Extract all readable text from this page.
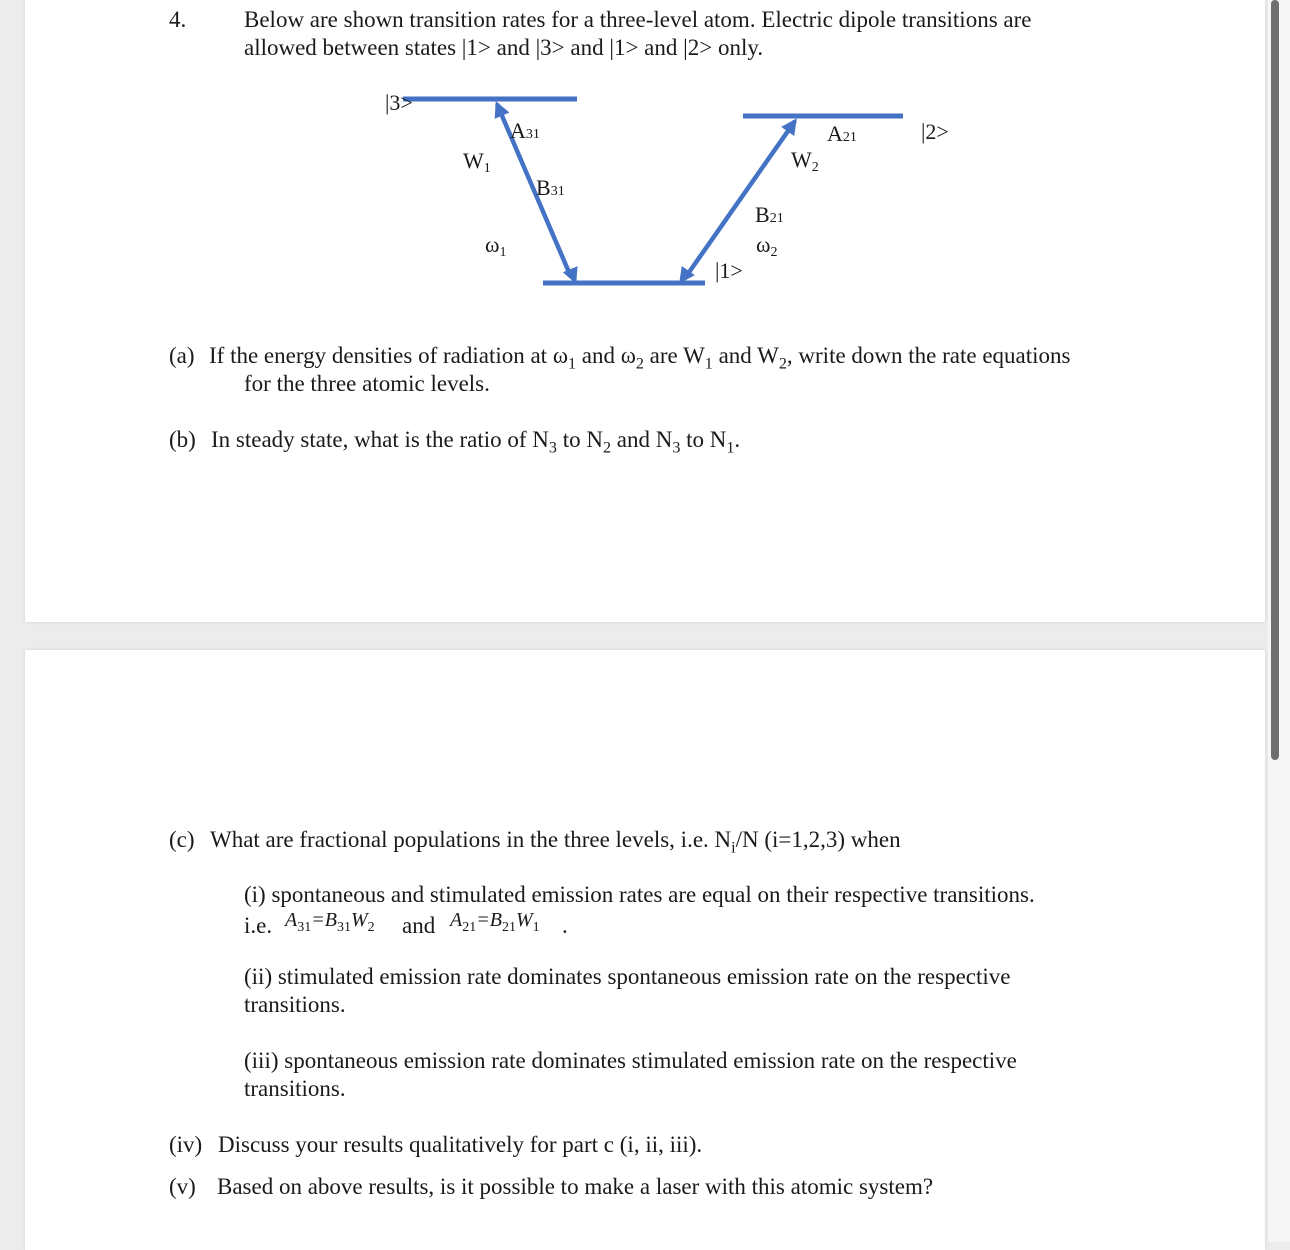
4.	Below are shown transition rates for a three-level atom. Electric dipole transitions are
allowed between states |1> and |3> and |1> and |2> only.
|3>
|2>
|1>
A31
W1
B31
ω1
A21
W2
B21
ω2
(a) If the energy densities of radiation at $\omega_1$ and $\omega_2$ are $W_1$ and $W_2$, write down the rate equations
for the three atomic levels.
(b) In steady state, what is the ratio of $N_3$ to $N_2$ and $N_3$ to $N_1$.
(c) What are fractional populations in the three levels, i.e. $N_i/N$ (i=1,2,3) when
(i) spontaneous and stimulated emission rates are equal on their respective transitions.
i.e. $A_{31}=B_{31}W_2$ and $A_{21}=B_{21}W_1$ .
(ii) stimulated emission rate dominates spontaneous emission rate on the respective
transitions.
(iii) spontaneous emission rate dominates stimulated emission rate on the respective
transitions.
(iv) Discuss your results qualitatively for part c (i, ii, iii).
(v) Based on above results, is it possible to make a laser with this atomic system?
